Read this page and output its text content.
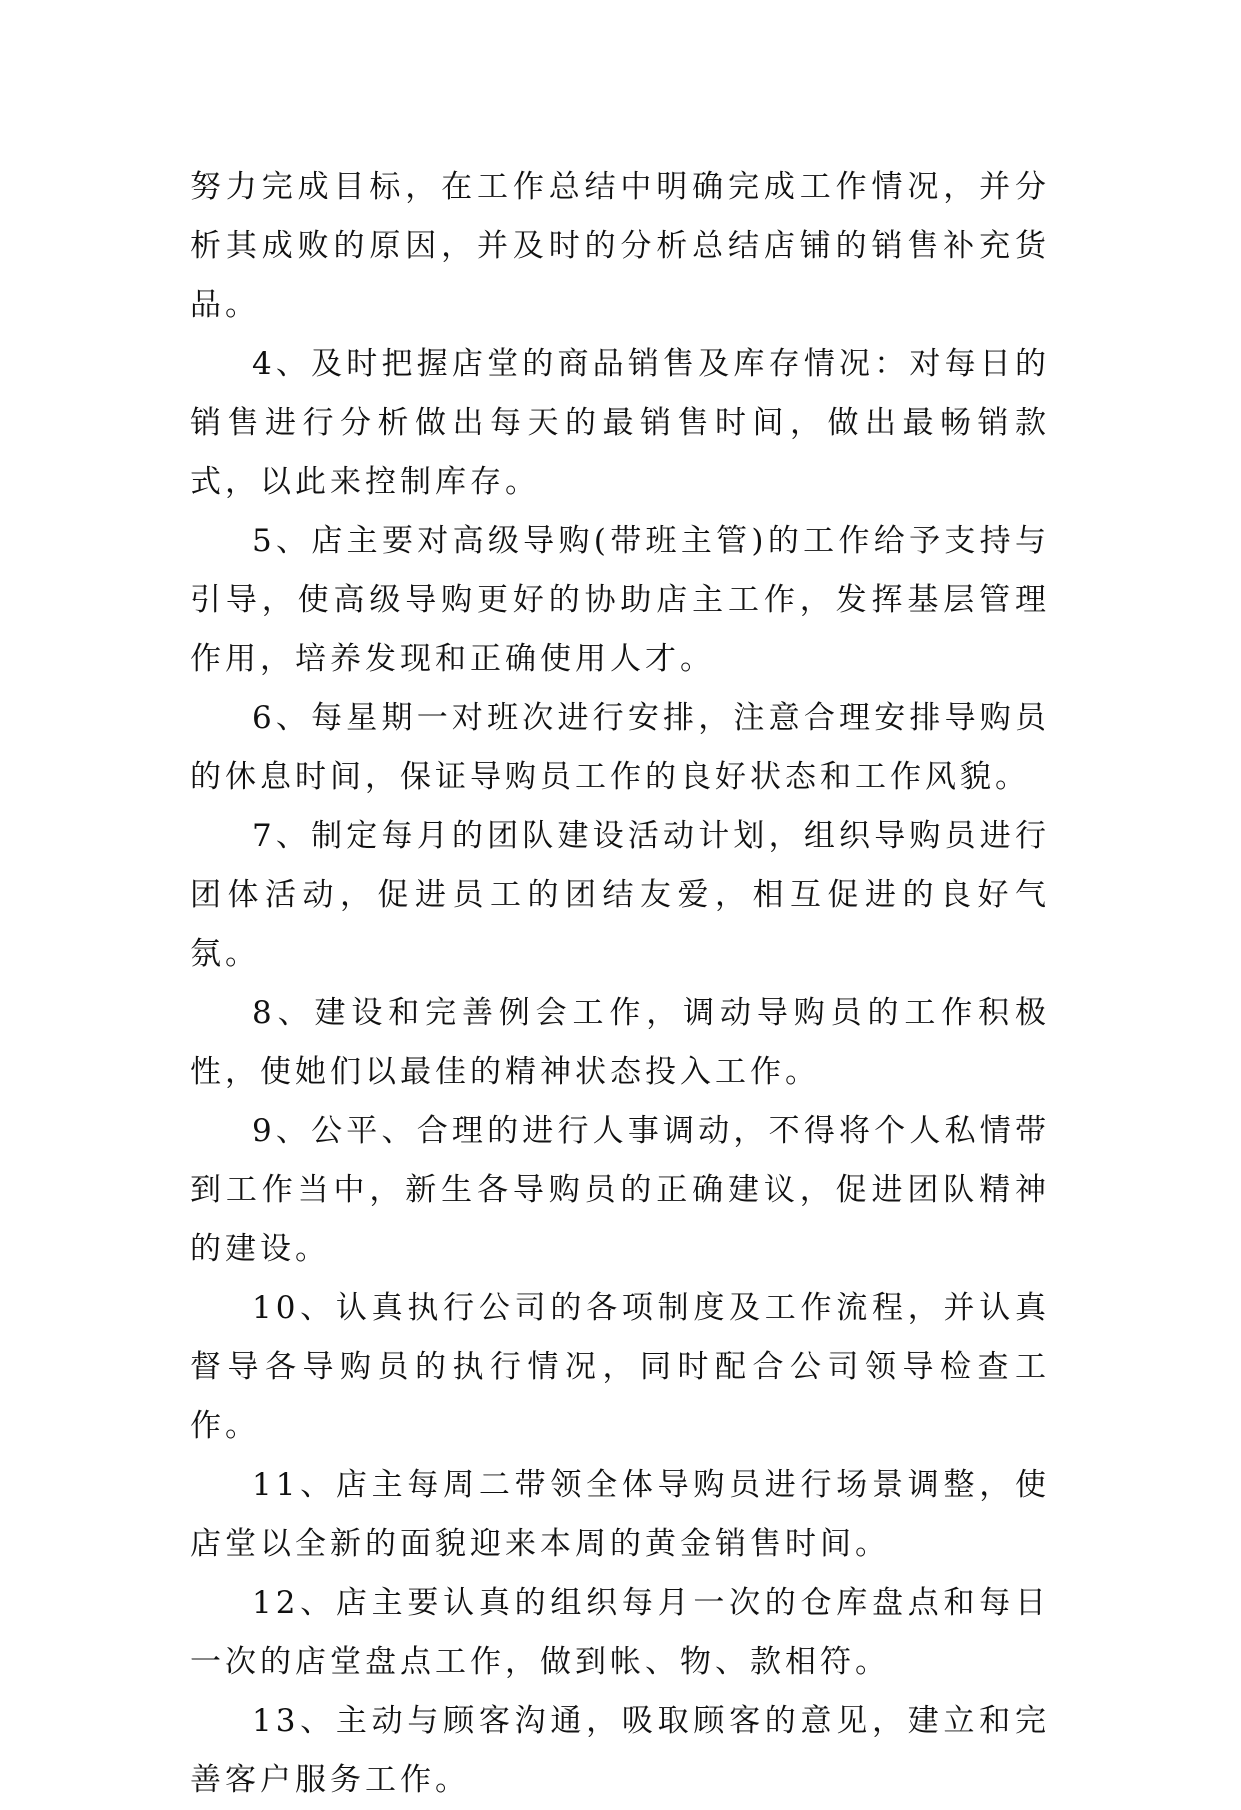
努力完成目标，在工作总结中明确完成工作情况，并分析其成败的原因，并及时的分析总结店铺的销售补充货品。

4、及时把握店堂的商品销售及库存情况：对每日的销售进行分析做出每天的最销售时间，做出最畅销款式，以此来控制库存。

5、店主要对高级导购(带班主管)的工作给予支持与引导，使高级导购更好的协助店主工作，发挥基层管理作用，培养发现和正确使用人才。

6、每星期一对班次进行安排，注意合理安排导购员的休息时间，保证导购员工作的良好状态和工作风貌。

7、制定每月的团队建设活动计划，组织导购员进行团体活动，促进员工的团结友爱，相互促进的良好气氛。

8、建设和完善例会工作，调动导购员的工作积极性，使她们以最佳的精神状态投入工作。

9、公平、合理的进行人事调动，不得将个人私情带到工作当中，新生各导购员的正确建议，促进团队精神的建设。

10、认真执行公司的各项制度及工作流程，并认真督导各导购员的执行情况，同时配合公司领导检查工作。

11、店主每周二带领全体导购员进行场景调整，使店堂以全新的面貌迎来本周的黄金销售时间。

12、店主要认真的组织每月一次的仓库盘点和每日一次的店堂盘点工作，做到帐、物、款相符。

13、主动与顾客沟通，吸取顾客的意见，建立和完善客户服务工作。
